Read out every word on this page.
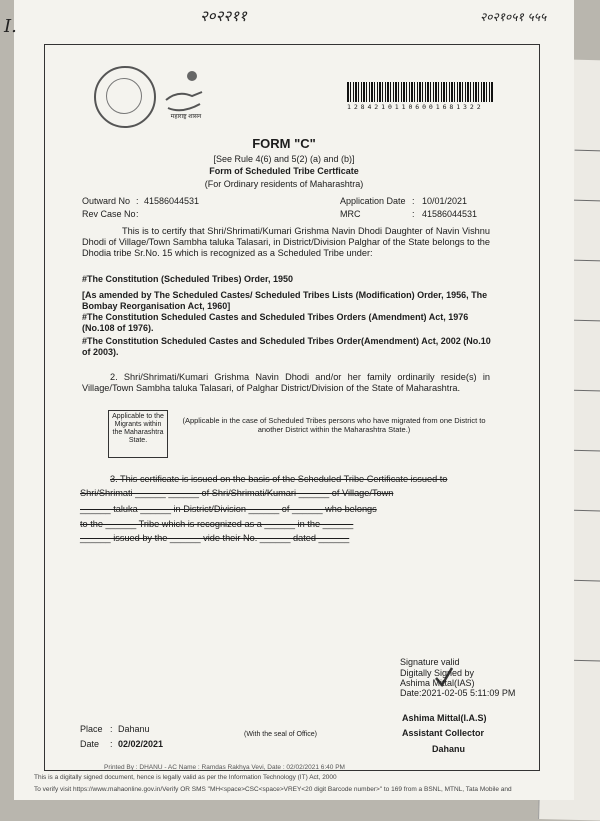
I.	२०२२११	२०२१०५१ ५५५
महाराष्ट्र शासन
1 2 8 4 2 1 0 1 1 0 6 0 0 1 6 8 1 3 2 2
FORM "C"
[See Rule 4(6) and 5(2) (a) and (b)]
Form of Scheduled Tribe Certficate
(For Ordinary residents of Maharashtra)
Outward No : 41586044531
Rev Case No :
Application Date : 10/01/2021
MRC	: 41586044531
This is to certify that Shri/Shrimati/Kumari Grishma Navin Dhodi Daughter of Navin Vishnu Dhodi of Village/Town Sambha taluka Talasari, in District/Division Palghar of the State belongs to the Dhodia tribe Sr.No. 15 which is recognized as a Scheduled Tribe under:
#The Constitution (Scheduled Tribes) Order, 1950
[As amended by The Scheduled Castes/ Scheduled Tribes Lists (Modification) Order, 1956, The Bombay Reorganisation Act, 1960]
#The Constitution Scheduled Castes and Scheduled Tribes Orders (Amendment) Act, 1976 (No.108 of 1976).
#The Constitution Scheduled Castes and Scheduled Tribes Order(Amendment) Act, 2002 (No.10 of 2003).
2. Shri/Shrimati/Kumari Grishma Navin Dhodi and/or her family ordinarily reside(s) in Village/Town Sambha taluka Talasari, of Palghar District/Division of the State of Maharashtra.
Applicable to the Migrants within the Maharashtra State.
(Applicable in the case of Scheduled Tribes persons who have migrated from one District to another District within the Maharashtra State.)
3. This certificate is issued on the basis of the Scheduled Tribe Certificate issued to
Shri/Shrimati ______ ______ of Shri/Shrimati/Kumari ______ of Village/Town
______ taluka ______ in District/Division ______ of ______ who belongs
to the ______ Tribe which is recognized as a ______ in the ______
______ issued by the ______ vide their No. ______ dated ______
Signature valid
Digitally Signed by
Ashima Mittal(IAS)
Date:2021-02-05 5:11:09 PM
Place : Dahanu
Date : 02/02/2021
(With the seal of Office)
Ashima Mittal(I.A.S)
Assistant Collector
Dahanu
Printed By : DHANU - AC Name : Ramdas Rakhya Vevi, Date : 02/02/2021 6:40 PM
This is a digitally signed document, hence is legally valid as per the Information Technology (IT) Act, 2000
To verify visit https://www.mahaonline.gov.in/Verify OR SMS "MH<space>CSC<space>VREY<20 digit Barcode number>" to 169 from a BSNL, MTNL, Tata Mobile and
